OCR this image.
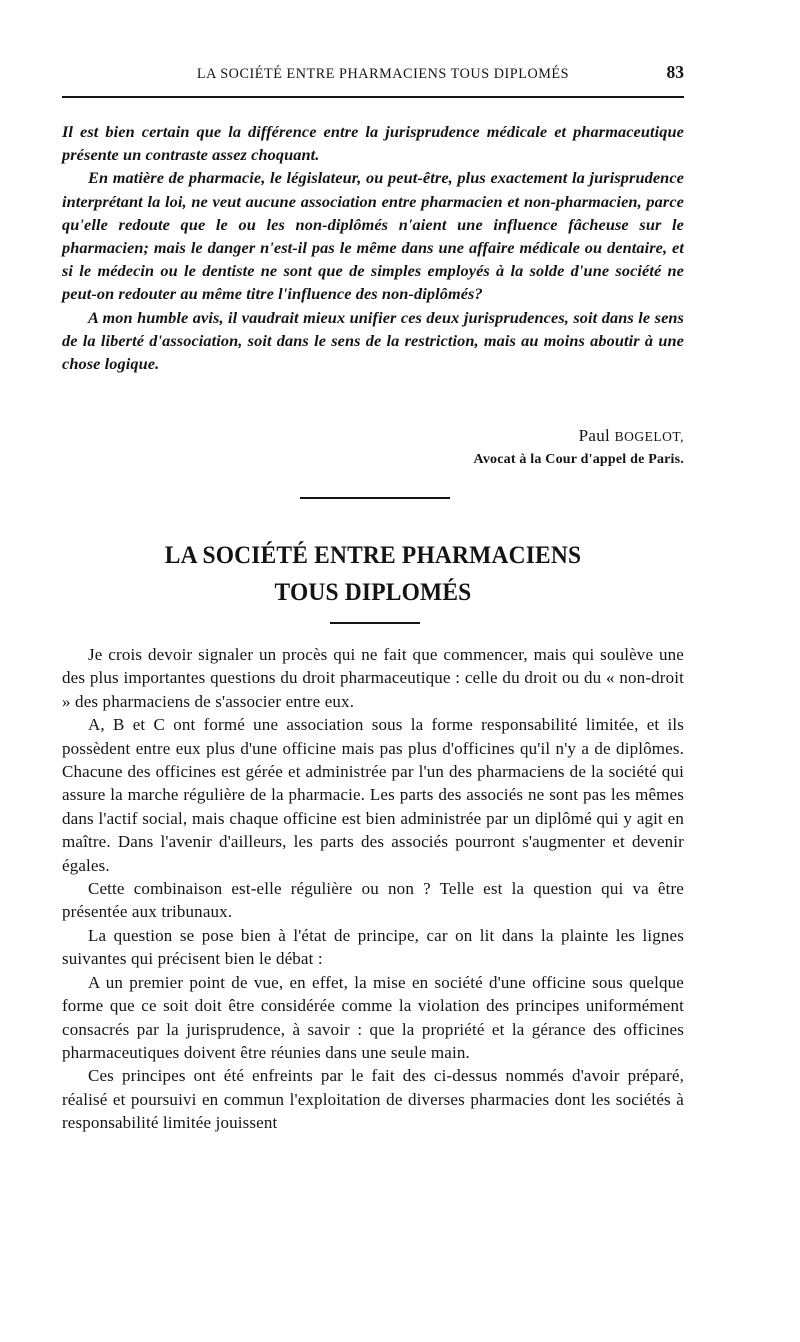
LA SOCIÉTÉ ENTRE PHARMACIENS TOUS DIPLOMÉS	83

Il est bien certain que la différence entre la jurisprudence médicale et pharmaceutique présente un contraste assez choquant.

En matière de pharmacie, le législateur, ou peut-être, plus exactement la jurisprudence interprétant la loi, ne veut aucune association entre pharmacien et non-pharmacien, parce qu'elle redoute que le ou les non-diplômés n'aient une influence fâcheuse sur le pharmacien; mais le danger n'est-il pas le même dans une affaire médicale ou dentaire, et si le médecin ou le dentiste ne sont que de simples employés à la solde d'une société ne peut-on redouter au même titre l'influence des non-diplômés?

A mon humble avis, il vaudrait mieux unifier ces deux jurisprudences, soit dans le sens de la liberté d'association, soit dans le sens de la restriction, mais au moins aboutir à une chose logique.

Paul BOGELOT,
Avocat à la Cour d'appel de Paris.
LA SOCIÉTÉ ENTRE PHARMACIENS
TOUS DIPLOMÉS

Je crois devoir signaler un procès qui ne fait que commencer, mais qui soulève une des plus importantes questions du droit pharmaceutique : celle du droit ou du « non-droit » des pharmaciens de s'associer entre eux.

A, B et C ont formé une association sous la forme responsabilité limitée, et ils possèdent entre eux plus d'une officine mais pas plus d'officines qu'il n'y a de diplômes. Chacune des officines est gérée et administrée par l'un des pharmaciens de la société qui assure la marche régulière de la pharmacie. Les parts des associés ne sont pas les mêmes dans l'actif social, mais chaque officine est bien administrée par un diplômé qui y agit en maître. Dans l'avenir d'ailleurs, les parts des associés pourront s'augmenter et devenir égales.

Cette combinaison est-elle régulière ou non ? Telle est la question qui va être présentée aux tribunaux.

La question se pose bien à l'état de principe, car on lit dans la plainte les lignes suivantes qui précisent bien le débat :

A un premier point de vue, en effet, la mise en société d'une officine sous quelque forme que ce soit doit être considérée comme la violation des principes uniformément consacrés par la jurisprudence, à savoir : que la propriété et la gérance des officines pharmaceutiques doivent être réunies dans une seule main.

Ces principes ont été enfreints par le fait des ci-dessus nommés d'avoir préparé, réalisé et poursuivi en commun l'exploitation de diverses pharmacies dont les sociétés à responsabilité limitée jouissent
